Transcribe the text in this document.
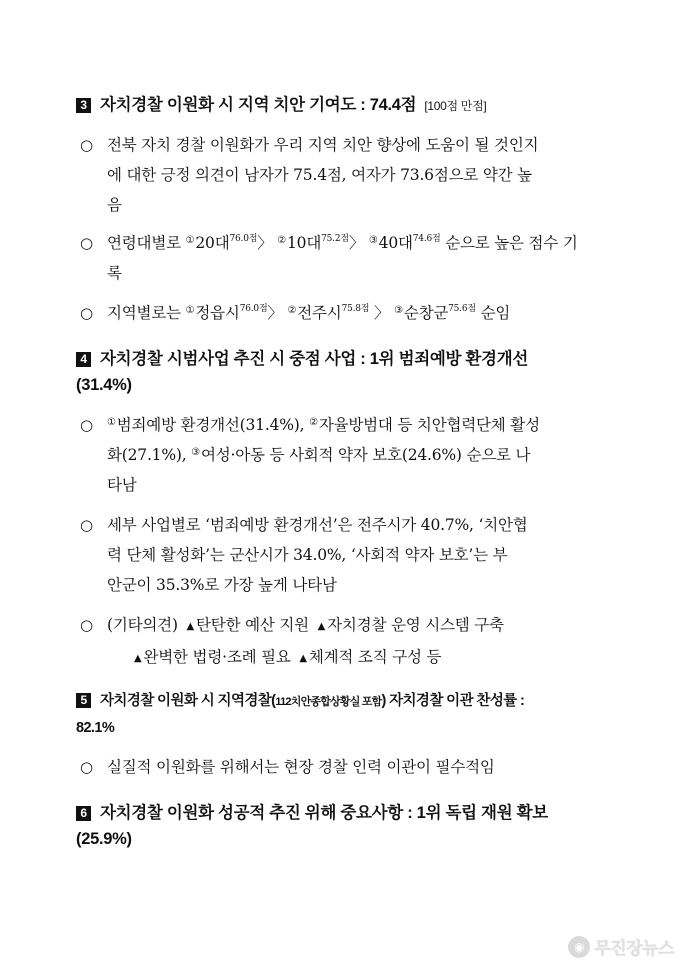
3 자치경찰 이원화 시 지역 치안 기여도 : 74.4점 [100점 만점]
○ 전북 자치 경찰 이원화가 우리 지역 치안 향상에 도움이 될 것인지
에 대한 긍정 의견이 남자가 75.4점, 여자가 73.6점으로 약간 높
음
○ 연령대별로 ①20대$^{76.0점}$〉 ②10대$^{75.2점}$〉 ③40대$^{74.6점}$ 순으로 높은 점수 기
록
○ 지역별로는 ①정읍시$^{76.0점}$〉 ②전주시$^{75.8점}$ 〉 ③순창군$^{75.6점}$ 순임
4 자치경찰 시범사업 추진 시 중점 사업 : 1위 범죄예방 환경개선
(31.4%)
○ ①범죄예방 환경개선(31.4%), ②자율방범대 등 치안협력단체 활성
화(27.1%), ③여성·아동 등 사회적 약자 보호(24.6%) 순으로 나
타남
○ 세부 사업별로 ‘범죄예방 환경개선’은 전주시가 40.7%, ‘치안협
력 단체 활성화’는 군산시가 34.0%, ‘사회적 약자 보호’는 부
안군이 35.3%로 가장 높게 나타남
○ (기타의견) ▲ 탄탄한 예산 지원 ▲ 자치경찰 운영 시스템 구축
▲ 완벽한 법령·조례 필요 ▲ 체계적 조직 구성 등
5 자치경찰 이원화 시 지역경찰(112치안종합상황실 포함) 자치경찰 이관 찬성률 :
82.1%
○ 실질적 이원화를 위해서는 현장 경찰 인력 이관이 필수적임
6 자치경찰 이원화 성공적 추진 위해 중요사항 : 1위 독립 재원 확보
(25.9%)
◉ 무진장뉴스
